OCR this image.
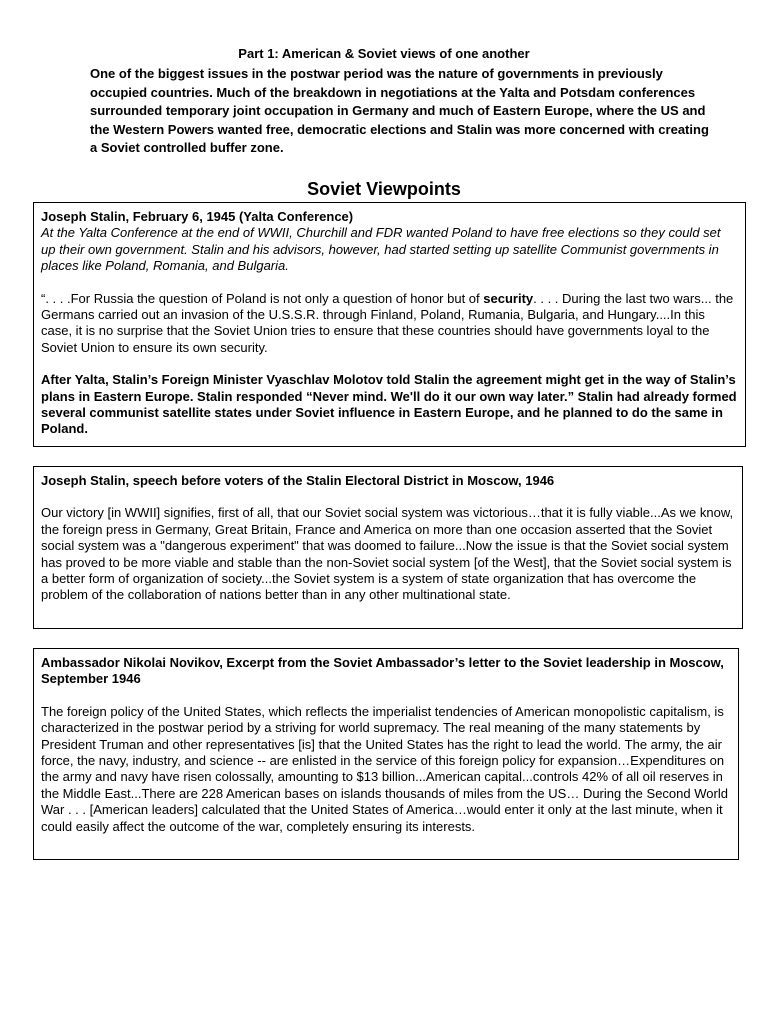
Part 1: American & Soviet views of one another
One of the biggest issues in the postwar period was the nature of governments in previously occupied countries. Much of the breakdown in negotiations at the Yalta and Potsdam conferences surrounded temporary joint occupation in Germany and much of Eastern Europe, where the US and the Western Powers wanted free, democratic elections and Stalin was more concerned with creating a Soviet controlled buffer zone.
Soviet Viewpoints

Joseph Stalin, February 6, 1945 (Yalta Conference)

At the Yalta Conference at the end of WWII, Churchill and FDR wanted Poland to have free elections so they could set up their own government. Stalin and his advisors, however, had started setting up satellite Communist governments in places like Poland, Romania, and Bulgaria.

“. . . .For Russia the question of Poland is not only a question of honor but of security. . . . During the last two wars... the Germans carried out an invasion of the U.S.S.R. through Finland, Poland, Rumania, Bulgaria, and Hungary....In this case, it is no surprise that the Soviet Union tries to ensure that these countries should have governments loyal to the Soviet Union to ensure its own security.

After Yalta, Stalin’s Foreign Minister Vyaschlav Molotov told Stalin the agreement might get in the way of Stalin’s plans in Eastern Europe. Stalin responded “Never mind. We'll do it our own way later.” Stalin had already formed several communist satellite states under Soviet influence in Eastern Europe, and he planned to do the same in Poland.

Joseph Stalin, speech before voters of the Stalin Electoral District in Moscow, 1946

Our victory [in WWII] signifies, first of all, that our Soviet social system was victorious…that it is fully viable...As we know, the foreign press in Germany, Great Britain, France and America on more than one occasion asserted that the Soviet social system was a "dangerous experiment" that was doomed to failure...Now the issue is that the Soviet social system has proved to be more viable and stable than the non-Soviet social system [of the West], that the Soviet social system is a better form of organization of society...the Soviet system is a system of state organization that has overcome the problem of the collaboration of nations better than in any other multinational state.

Ambassador Nikolai Novikov, Excerpt from the Soviet Ambassador’s letter to the Soviet leadership in Moscow, September 1946

The foreign policy of the United States, which reflects the imperialist tendencies of American monopolistic capitalism, is characterized in the postwar period by a striving for world supremacy. The real meaning of the many statements by President Truman and other representatives [is] that the United States has the right to lead the world. The army, the air force, the navy, industry, and science -- are enlisted in the service of this foreign policy for expansion…Expenditures on the army and navy have risen colossally, amounting to $13 billion...American capital...controls 42% of all oil reserves in the Middle East...There are 228 American bases on islands thousands of miles from the US… During the Second World War . . . [American leaders] calculated that the United States of America…would enter it only at the last minute, when it could easily affect the outcome of the war, completely ensuring its interests.
